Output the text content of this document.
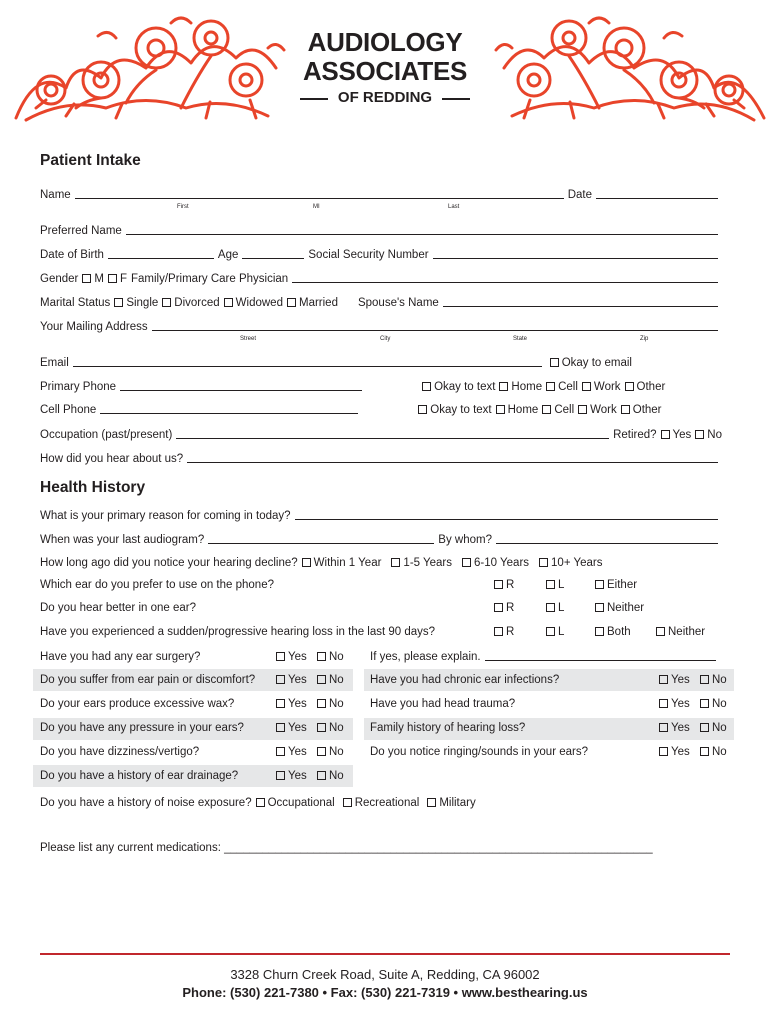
AUDIOLOGY
ASSOCIATES
OF REDDING
Patient Intake
Name	Date
First	MI	Last
Preferred Name
Date of Birth	Age	Social Security Number
Gender M F Family/Primary Care Physician
Marital Status Single Divorced Widowed Married Spouse's Name
Your Mailing Address
Street	City	State	Zip
Email	Okay to email
Primary Phone	Okay to text Home Cell Work Other
Cell Phone	Okay to text Home Cell Work Other
Occupation (past/present)	Retired? Yes No
How did you hear about us?
Health History
What is your primary reason for coming in today?
When was your last audiogram?	By whom?
How long ago did you notice your hearing decline? Within 1 Year 1-5 Years 6-10 Years 10+ Years
Which ear do you prefer to use on the phone?	R	L	Either
Do you hear better in one ear?	R	L	Neither
Have you experienced a sudden/progressive hearing loss in the last 90 days?	R	L	Both	Neither
Have you had any ear surgery?	Yes No If yes, please explain.
Do you suffer from ear pain or discomfort?	Yes No
Do your ears produce excessive wax?	Yes No
Do you have any pressure in your ears?	Yes No
Do you have dizziness/vertigo?	Yes No
Do you have a history of ear drainage?	Yes No
Have you had chronic ear infections?	Yes No
Have you had head trauma?	Yes No
Family history of hearing loss?	Yes No
Do you notice ringing/sounds in your ears?	Yes No
Do you have a history of noise exposure? Occupational Recreational Military
Please list any current medications: ___________________________________________________________________
3328 Churn Creek Road, Suite A, Redding, CA 96002
Phone: (530) 221-7380 • Fax: (530) 221-7319 • www.besthearing.us
